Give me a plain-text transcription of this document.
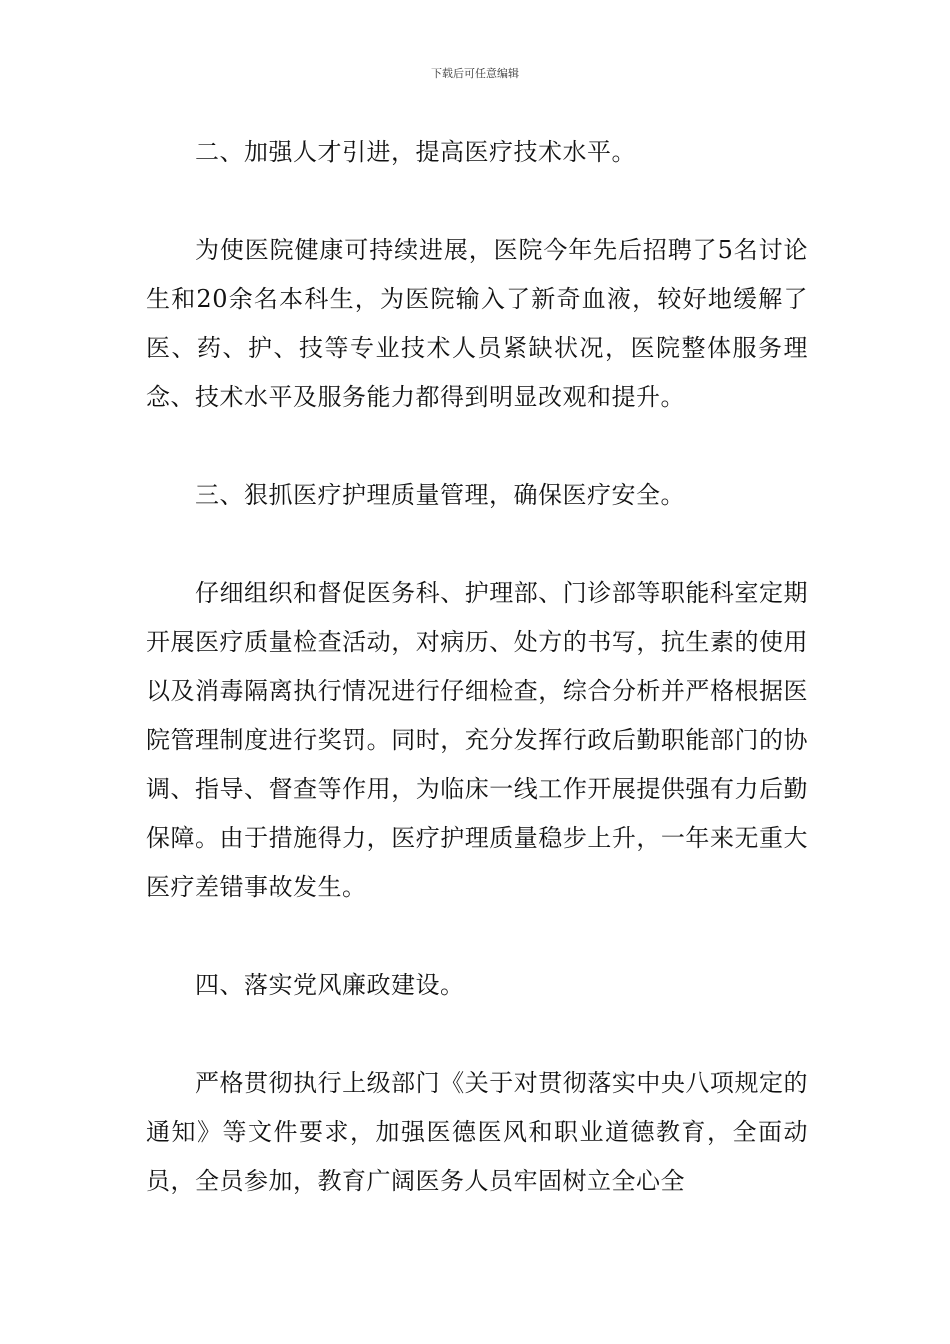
下载后可任意编辑

二、加强人才引进，提高医疗技术水平。

为使医院健康可持续进展，医院今年先后招聘了5名讨论生和20余名本科生，为医院输入了新奇血液，较好地缓解了医、药、护、技等专业技术人员紧缺状况，医院整体服务理念、技术水平及服务能力都得到明显改观和提升。

三、狠抓医疗护理质量管理，确保医疗安全。

仔细组织和督促医务科、护理部、门诊部等职能科室定期开展医疗质量检查活动，对病历、处方的书写，抗生素的使用以及消毒隔离执行情况进行仔细检查，综合分析并严格根据医院管理制度进行奖罚。同时，充分发挥行政后勤职能部门的协调、指导、督查等作用，为临床一线工作开展提供强有力后勤保障。由于措施得力，医疗护理质量稳步上升，一年来无重大医疗差错事故发生。

四、落实党风廉政建设。

严格贯彻执行上级部门《关于对贯彻落实中央八项规定的通知》等文件要求，加强医德医风和职业道德教育，全面动员，全员参加，教育广阔医务人员牢固树立全心全
